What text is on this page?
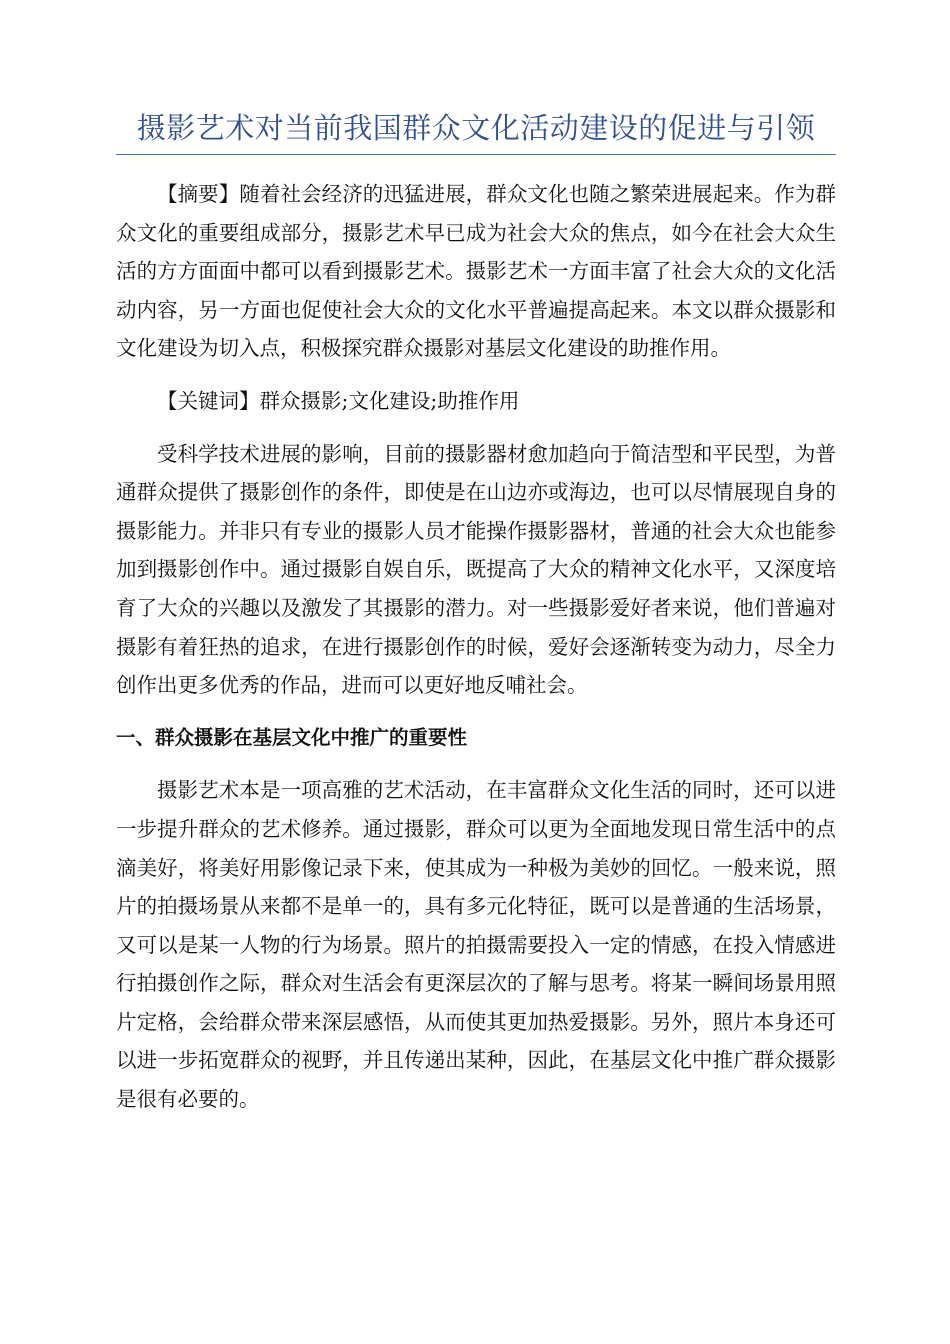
摄影艺术对当前我国群众文化活动建设的促进与引领

【摘要】随着社会经济的迅猛进展，群众文化也随之繁荣进展起来。作为群众文化的重要组成部分，摄影艺术早已成为社会大众的焦点，如今在社会大众生活的方方面面中都可以看到摄影艺术。摄影艺术一方面丰富了社会大众的文化活动内容，另一方面也促使社会大众的文化水平普遍提高起来。本文以群众摄影和文化建设为切入点，积极探究群众摄影对基层文化建设的助推作用。

【关键词】群众摄影;文化建设;助推作用

受科学技术进展的影响，目前的摄影器材愈加趋向于简洁型和平民型，为普通群众提供了摄影创作的条件，即使是在山边亦或海边，也可以尽情展现自身的摄影能力。并非只有专业的摄影人员才能操作摄影器材，普通的社会大众也能参加到摄影创作中。通过摄影自娱自乐，既提高了大众的精神文化水平，又深度培育了大众的兴趣以及激发了其摄影的潜力。对一些摄影爱好者来说，他们普遍对摄影有着狂热的追求，在进行摄影创作的时候，爱好会逐渐转变为动力，尽全力创作出更多优秀的作品，进而可以更好地反哺社会。

一、群众摄影在基层文化中推广的重要性

摄影艺术本是一项高雅的艺术活动，在丰富群众文化生活的同时，还可以进一步提升群众的艺术修养。通过摄影，群众可以更为全面地发现日常生活中的点滴美好，将美好用影像记录下来，使其成为一种极为美妙的回忆。一般来说，照片的拍摄场景从来都不是单一的，具有多元化特征，既可以是普通的生活场景，又可以是某一人物的行为场景。照片的拍摄需要投入一定的情感，在投入情感进行拍摄创作之际，群众对生活会有更深层次的了解与思考。将某一瞬间场景用照片定格，会给群众带来深层感悟，从而使其更加热爱摄影。另外，照片本身还可以进一步拓宽群众的视野，并且传递出某种，因此，在基层文化中推广群众摄影是很有必要的。
